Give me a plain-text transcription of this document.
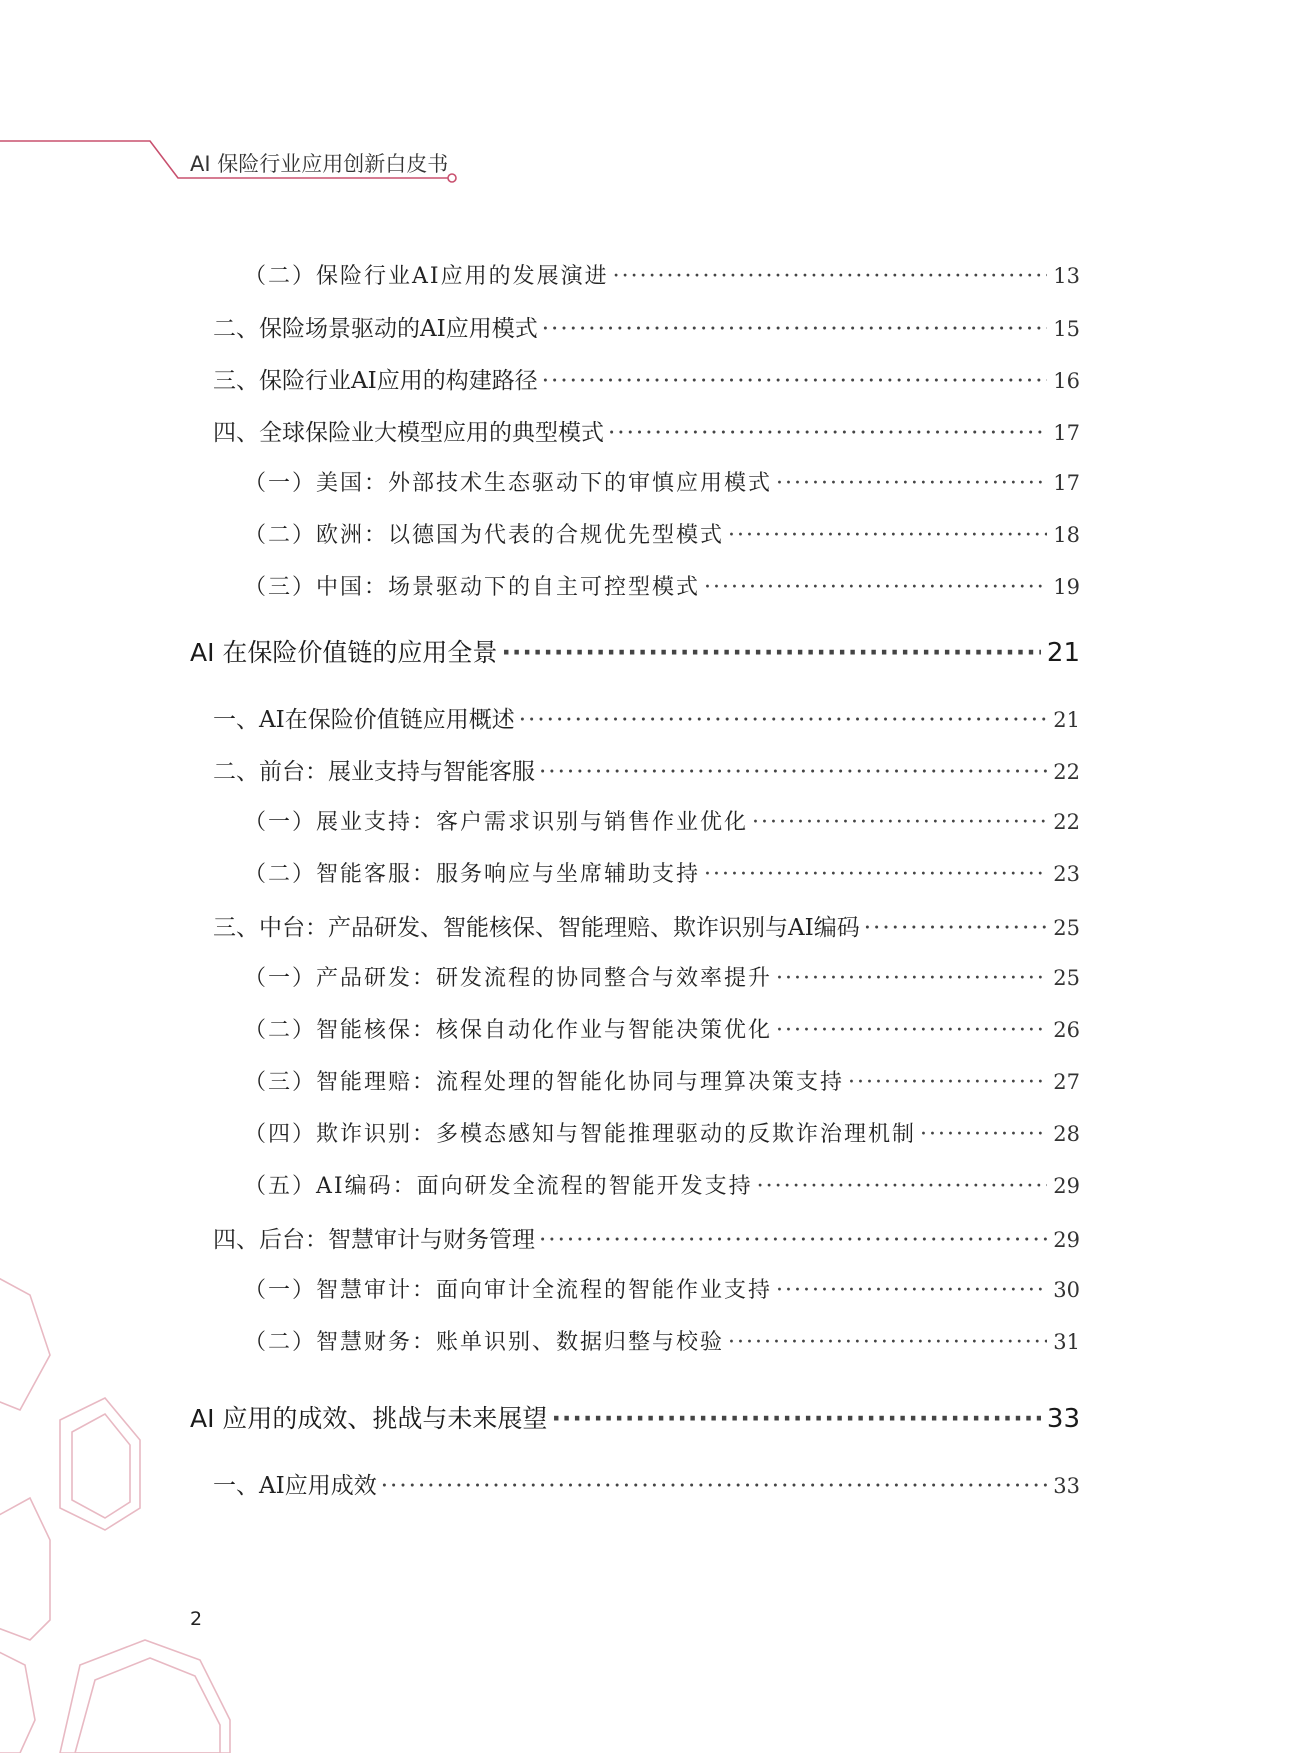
AI 保险行业应用创新白皮书
（二）保险行业AI应用的发展演进 ·····	13
二、保险场景驱动的AI应用模式 ·····	15
三、保险行业AI应用的构建路径 ·····	16
四、全球保险业大模型应用的典型模式 ·····	17
（一）美国：外部技术生态驱动下的审慎应用模式 ·····	17
（二）欧洲：以德国为代表的合规优先型模式 ·····	18
（三）中国：场景驱动下的自主可控型模式 ·····	19
AI 在保险价值链的应用全景 ·····	21
一、AI在保险价值链应用概述 ·····	21
二、前台：展业支持与智能客服 ·····	22
（一）展业支持：客户需求识别与销售作业优化 ·····	22
（二）智能客服：服务响应与坐席辅助支持 ·····	23
三、中台：产品研发、智能核保、智能理赔、欺诈识别与AI编码 ·····	25
（一）产品研发：研发流程的协同整合与效率提升 ·····	25
（二）智能核保：核保自动化作业与智能决策优化 ·····	26
（三）智能理赔：流程处理的智能化协同与理算决策支持 ·····	27
（四）欺诈识别：多模态感知与智能推理驱动的反欺诈治理机制 ·····	28
（五）AI编码：面向研发全流程的智能开发支持 ·····	29
四、后台：智慧审计与财务管理 ·····	29
（一）智慧审计：面向审计全流程的智能作业支持 ·····	30
（二）智慧财务：账单识别、数据归整与校验 ·····	31
AI 应用的成效、挑战与未来展望 ·····	33
一、AI应用成效 ·····	33
2
